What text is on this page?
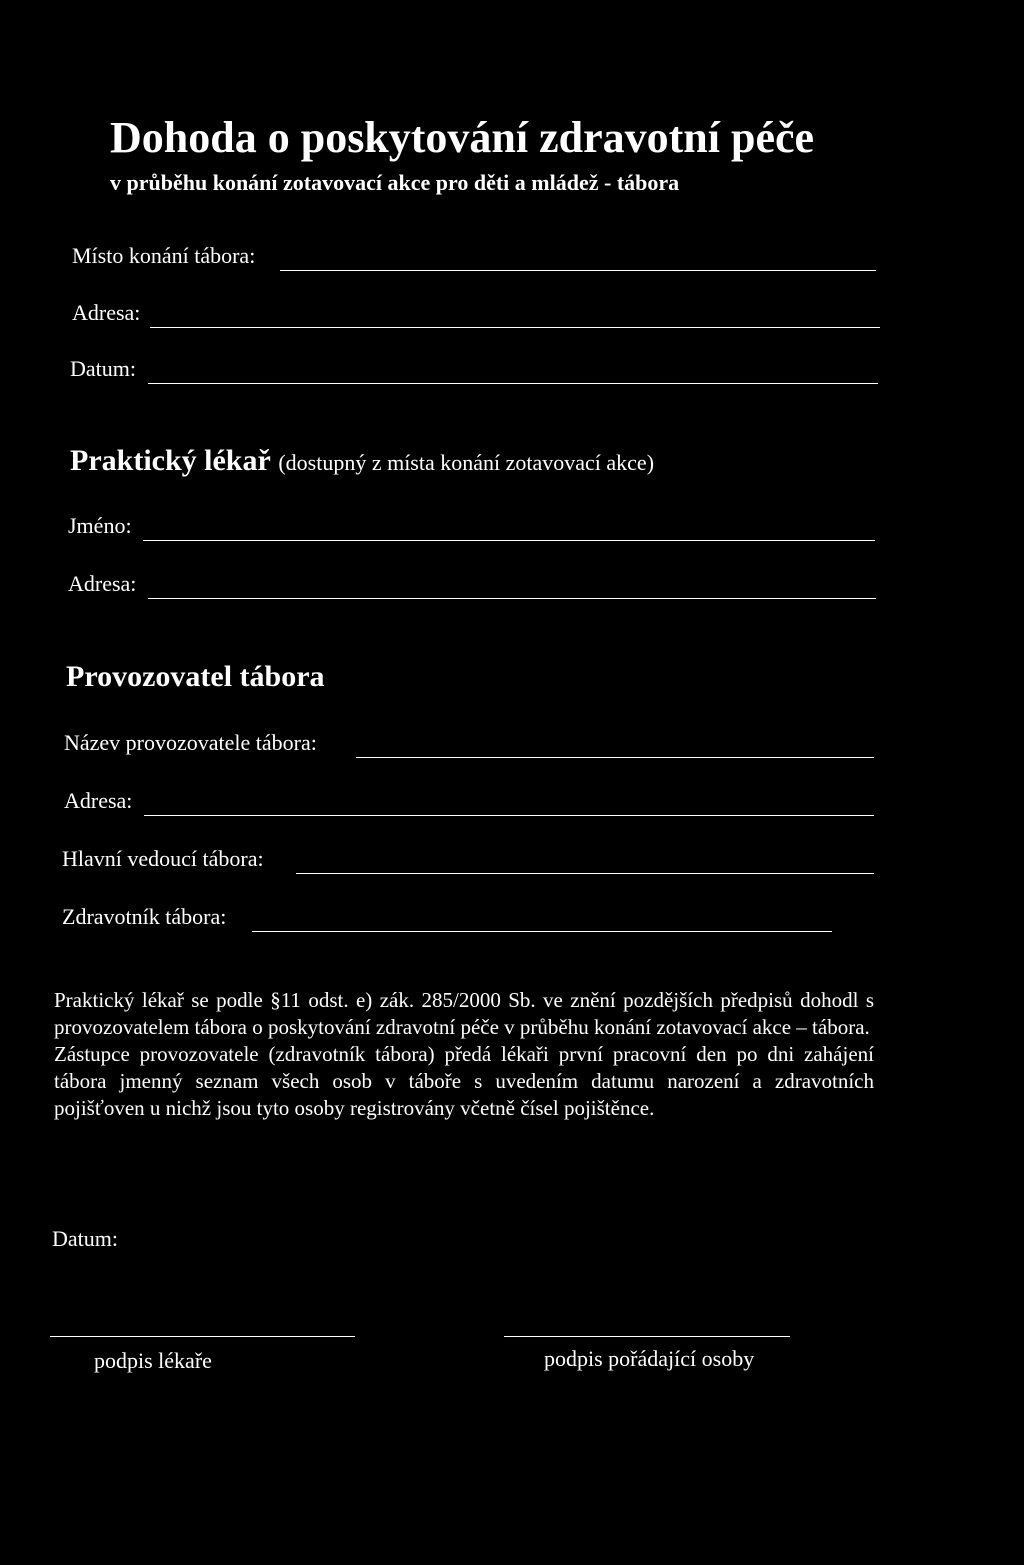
Dohoda o poskytování zdravotní péče
v průběhu konání zotavovací akce pro děti a mládež - tábora
Místo konání tábora:
Adresa:
Datum:
Praktický lékař (dostupný z místa konání zotavovací akce)
Jméno:
Adresa:
Provozovatel tábora
Název provozovatele tábora:
Adresa:
Hlavní vedoucí tábora:
Zdravotník tábora:

Praktický lékař se podle §11 odst. e) zák. 285/2000 Sb. ve znění pozdějších předpisů dohodl s provozovatelem tábora o poskytování zdravotní péče v průběhu konání zotavovací akce – tábora.

Zástupce provozovatele (zdravotník tábora) předá lékaři první pracovní den po dni zahájení tábora jmenný seznam všech osob v táboře s uvedením datumu narození a zdravotních pojišťoven u nichž jsou tyto osoby registrovány včetně čísel pojištěnce.

Datum:
podpis lékaře	podpis pořádající osoby
